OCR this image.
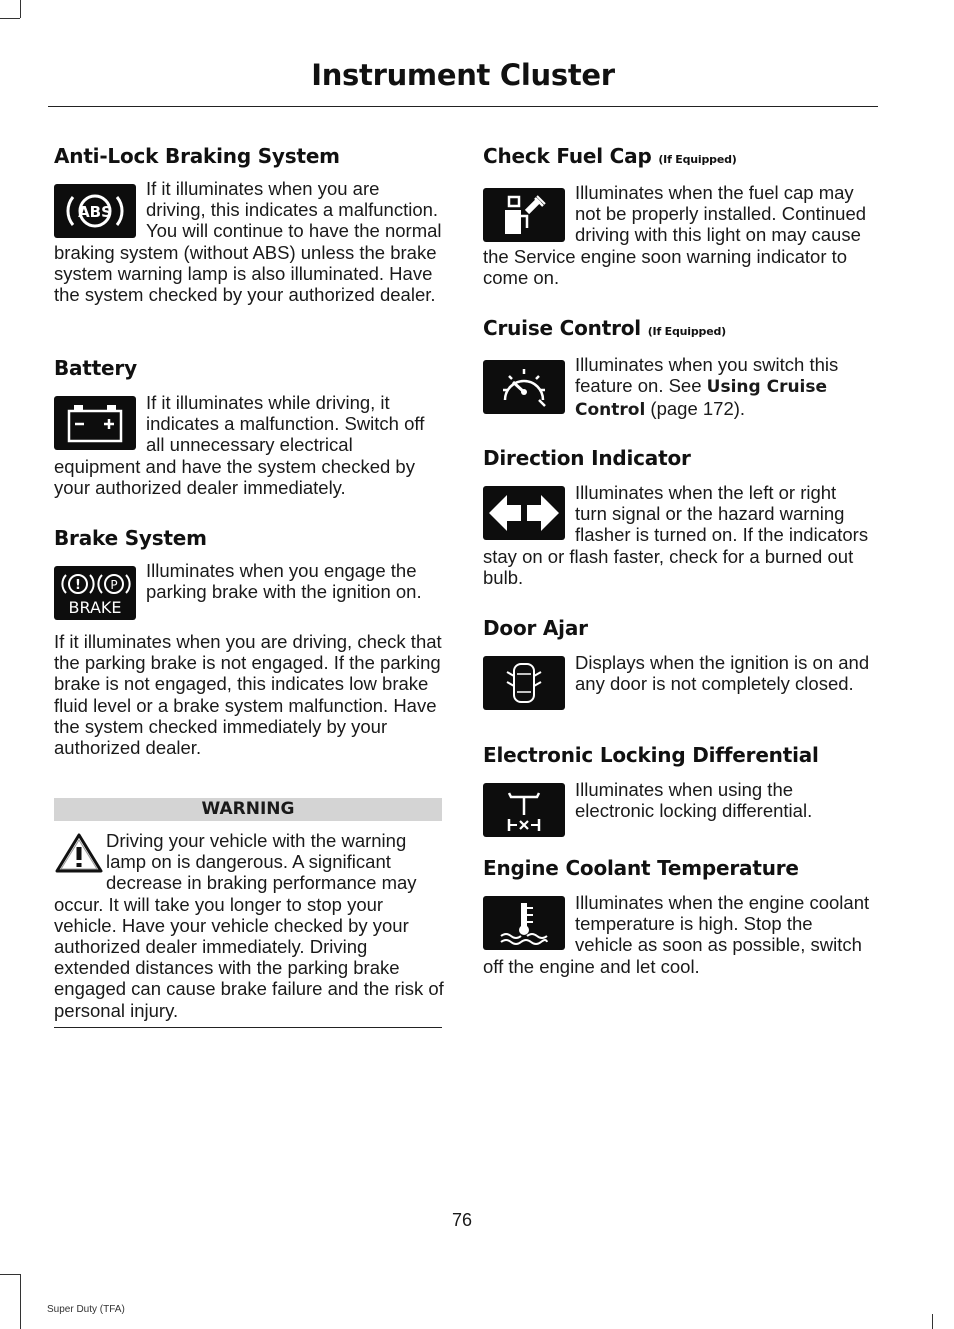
Instrument Cluster
Anti-Lock Braking System
ABS
If it illuminates when you are driving, this indicates a malfunction. You will continue to have the normal braking system (without ABS) unless the brake system warning lamp is also illuminated. Have the system checked by your authorized dealer.
Battery
If it illuminates while driving, it indicates a malfunction. Switch off all unnecessary electrical equipment and have the system checked by your authorized dealer immediately.
Brake System
! P
BRAKE
Illuminates when you engage the parking brake with the ignition on.
If it illuminates when you are driving, check that the parking brake is not engaged. If the parking brake is not engaged, this indicates low brake fluid level or a brake system malfunction. Have the system checked immediately by your authorized dealer.
WARNING
Driving your vehicle with the warning lamp on is dangerous. A significant decrease in braking performance may occur. It will take you longer to stop your vehicle. Have your vehicle checked by your authorized dealer immediately. Driving extended distances with the parking brake engaged can cause brake failure and the risk of personal injury.
Check Fuel Cap (If Equipped)
Illuminates when the fuel cap may not be properly installed. Continued driving with this light on may cause the Service engine soon warning indicator to come on.
Cruise Control (If Equipped)
Illuminates when you switch this feature on. See Using Cruise Control (page 172).
Direction Indicator
Illuminates when the left or right turn signal or the hazard warning flasher is turned on. If the indicators stay on or flash faster, check for a burned out bulb.
Door Ajar
Displays when the ignition is on and any door is not completely closed.
Electronic Locking Differential
Illuminates when using the electronic locking differential.
Engine Coolant Temperature
Illuminates when the engine coolant temperature is high. Stop the vehicle as soon as possible, switch off the engine and let cool.
76
Super Duty (TFA)
